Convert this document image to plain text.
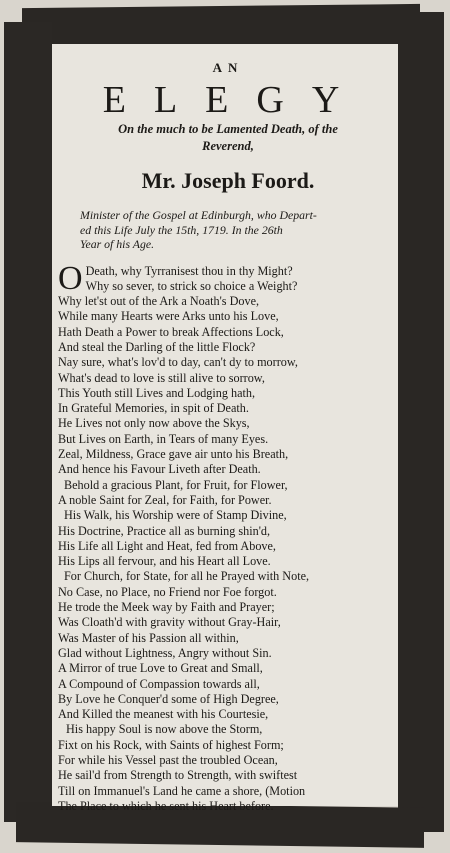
AN
ELEGY
On the much to be Lamented Death, of the
Reverend,
Mr. Joseph Foord.
Minister of the Gospel at Edinburgh, who Depart-
ed this Life July the 15th, 1719. In the 26th
Year of his Age.
O Death, why Tyrranisest thou in thy Might?
Why so sever, to strick so choice a Weight?
Why let'st out of the Ark a Noath's Dove,
While many Hearts were Arks unto his Love,
Hath Death a Power to break Affections Lock,
And steal the Darling of the little Flock?
Nay sure, what's lov'd to day, can't dy to morrow,
What's dead to love is still alive to sorrow,
This Youth still Lives and Lodging hath,
In Grateful Memories, in spit of Death.
He Lives not only now above the Skys,
But Lives on Earth, in Tears of many Eyes.
Zeal, Mildness, Grace gave air unto his Breath,
And hence his Favour Liveth after Death.
Behold a gracious Plant, for Fruit, for Flower,
A noble Saint for Zeal, for Faith, for Power.
His Walk, his Worship were of Stamp Divine,
His Doctrine, Practice all as burning shin'd,
His Life all Light and Heat, fed from Above,
His Lips all fervour, and his Heart all Love.
For Church, for State, for all he Prayed with Note,
No Case, no Place, no Friend nor Foe forgot.
He trode the Meek way by Faith and Prayer;
Was Cloath'd with gravity without Gray-Hair,
Was Master of his Passion all within,
Glad without Lightness, Angry without Sin.
A Mirror of true Love to Great and Small,
A Compound of Compassion towards all,
By Love he Conquer'd some of High Degree,
And Killed the meanest with his Courtesie,
His happy Soul is now above the Storm,
Fixt on his Rock, with Saints of highest Form;
For while his Vessel past the troubled Ocean,
He sail'd from Strength to Strength, with swiftest
Till on Immanuel's Land he came a shore, (Motion
The Place to which he sent his Heart before.
